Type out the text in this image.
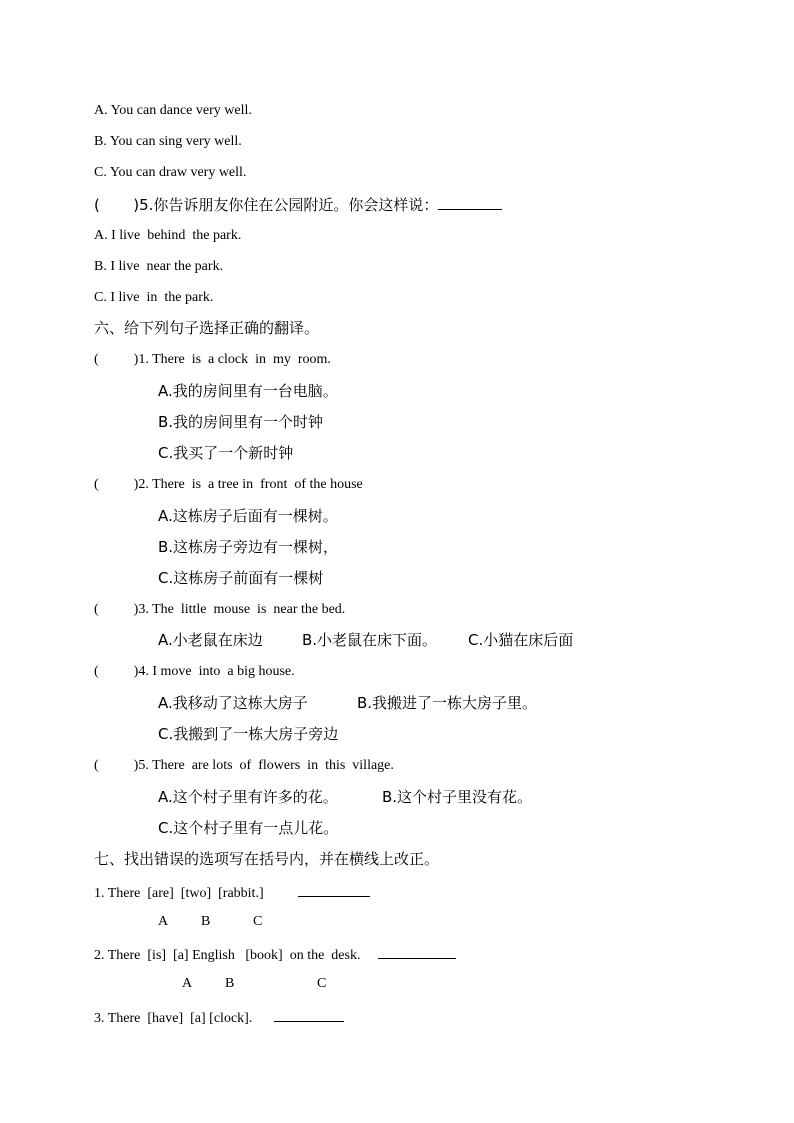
A. You can dance very well.
B. You can sing very well.
C. You can draw very well.
(       )5.你告诉朋友你住在公园附近。你会这样说：
A. I live  behind  the park.
B. I live  near the park.
C. I live  in  the park.
六、给下列句子选择正确的翻译。
(          )1. There  is  a clock  in  my  room.
A.我的房间里有一台电脑。
B.我的房间里有一个时钟
C.我买了一个新时钟
(          )2. There  is  a tree in  front  of the house
A.这栋房子后面有一棵树。
B.这栋房子旁边有一棵树，
C.这栋房子前面有一棵树
(          )3. The  little  mouse  is  near the bed.
A.小老鼠在床边	B.小老鼠在床下面。 C.小猫在床后面
(          )4. I move  into  a big house.
A.我移动了这栋大房子	B.我搬进了一栋大房子里。
C.我搬到了一栋大房子旁边
(          )5. There  are lots  of  flowers  in  this  village.
A.这个村子里有许多的花。	B.这个村子里没有花。
C.这个村子里有一点儿花。
七、找出错误的选项写在括号内，并在横线上改正。
1. There  [are]  [two]  [rabbit.]
A B	C
2. There  [is]  [a] English   [book]  on the  desk.
A B	C
3. There  [have]  [a] [clock].
